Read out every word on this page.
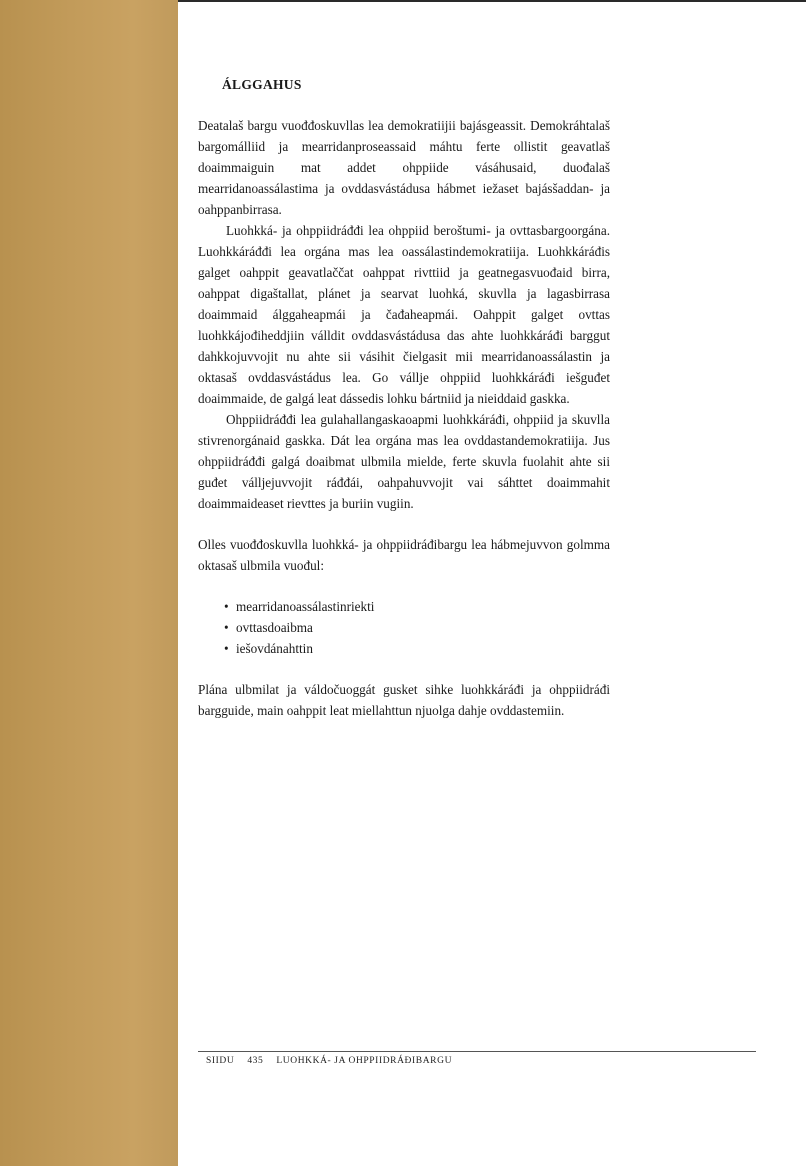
ÁLGGAHUS

Deatalaš bargu vuođđoskuvllas lea demokratiijii bajásgeassit. Demokráhtalaš bargomálliid ja mearridanproseassaid máhtu ferte ollistit geavatlaš doaimmaiguin mat addet ohppiide vásáhusaid, duođalaš mearridanoassálastima ja ovddasvástádusa hábmet iežaset bajásšaddan- ja oahppanbirrasa.

Luohkká- ja ohppiidráđđi lea ohppiid beroštumi- ja ovttasbargoorgána. Luohkkáráđđi lea orgána mas lea oassálastindemokratiija. Luohkkáráđis galget oahppit geavatlaččat oahppat rivttiid ja geatnegasvuođaid birra, oahppat digaštallat, plánet ja searvat luohká, skuvlla ja lagasbirrasa doaimmaid álggaheapmái ja čađaheapmái. Oahppit galget ovttas luohkkájođiheddjiin válldit ovddasvástádusa das ahte luohkkáráđi barggut dahkkojuvvojit nu ahte sii vásihit čielgasit mii mearridanoassálastin ja oktasaš ovddasvástádus lea. Go vállje ohppiid luohkkáráđi iešguđet doaimmaide, de galgá leat dássedis lohku bártniid ja nieiddaid gaskka.

Ohppiidráđđi lea gulahallangaskaoapmi luohkkáráđi, ohppiid ja skuvlla stivrenorgánaid gaskka. Dát lea orgána mas lea ovddastandemokratiija. Jus ohppiidráđđi galgá doaibmat ulbmila mielde, ferte skuvla fuolahit ahte sii guđet válljejuvvojit ráđđái, oahpahuvvojit vai sáhttet doaimmahit doaimmaideaset rievttes ja buriin vugiin.

Olles vuođđoskuvlla luohkká- ja ohppiidráđibargu lea hábmejuvvon golmma oktasaš ulbmila vuođul:

• mearridanoassálastinriekti
• ovttasdoaibma
• iešovdánahttin

Plána ulbmilat ja váldočuoggát gusket sihke luohkkáráđi ja ohppiidráđi bargguide, main oahppit leat miellahttun njuolga dahje ovddastemiin.

SIIDU 435 LUOHKKÁ- JA OHPPIIDRÁĐIBARGU
